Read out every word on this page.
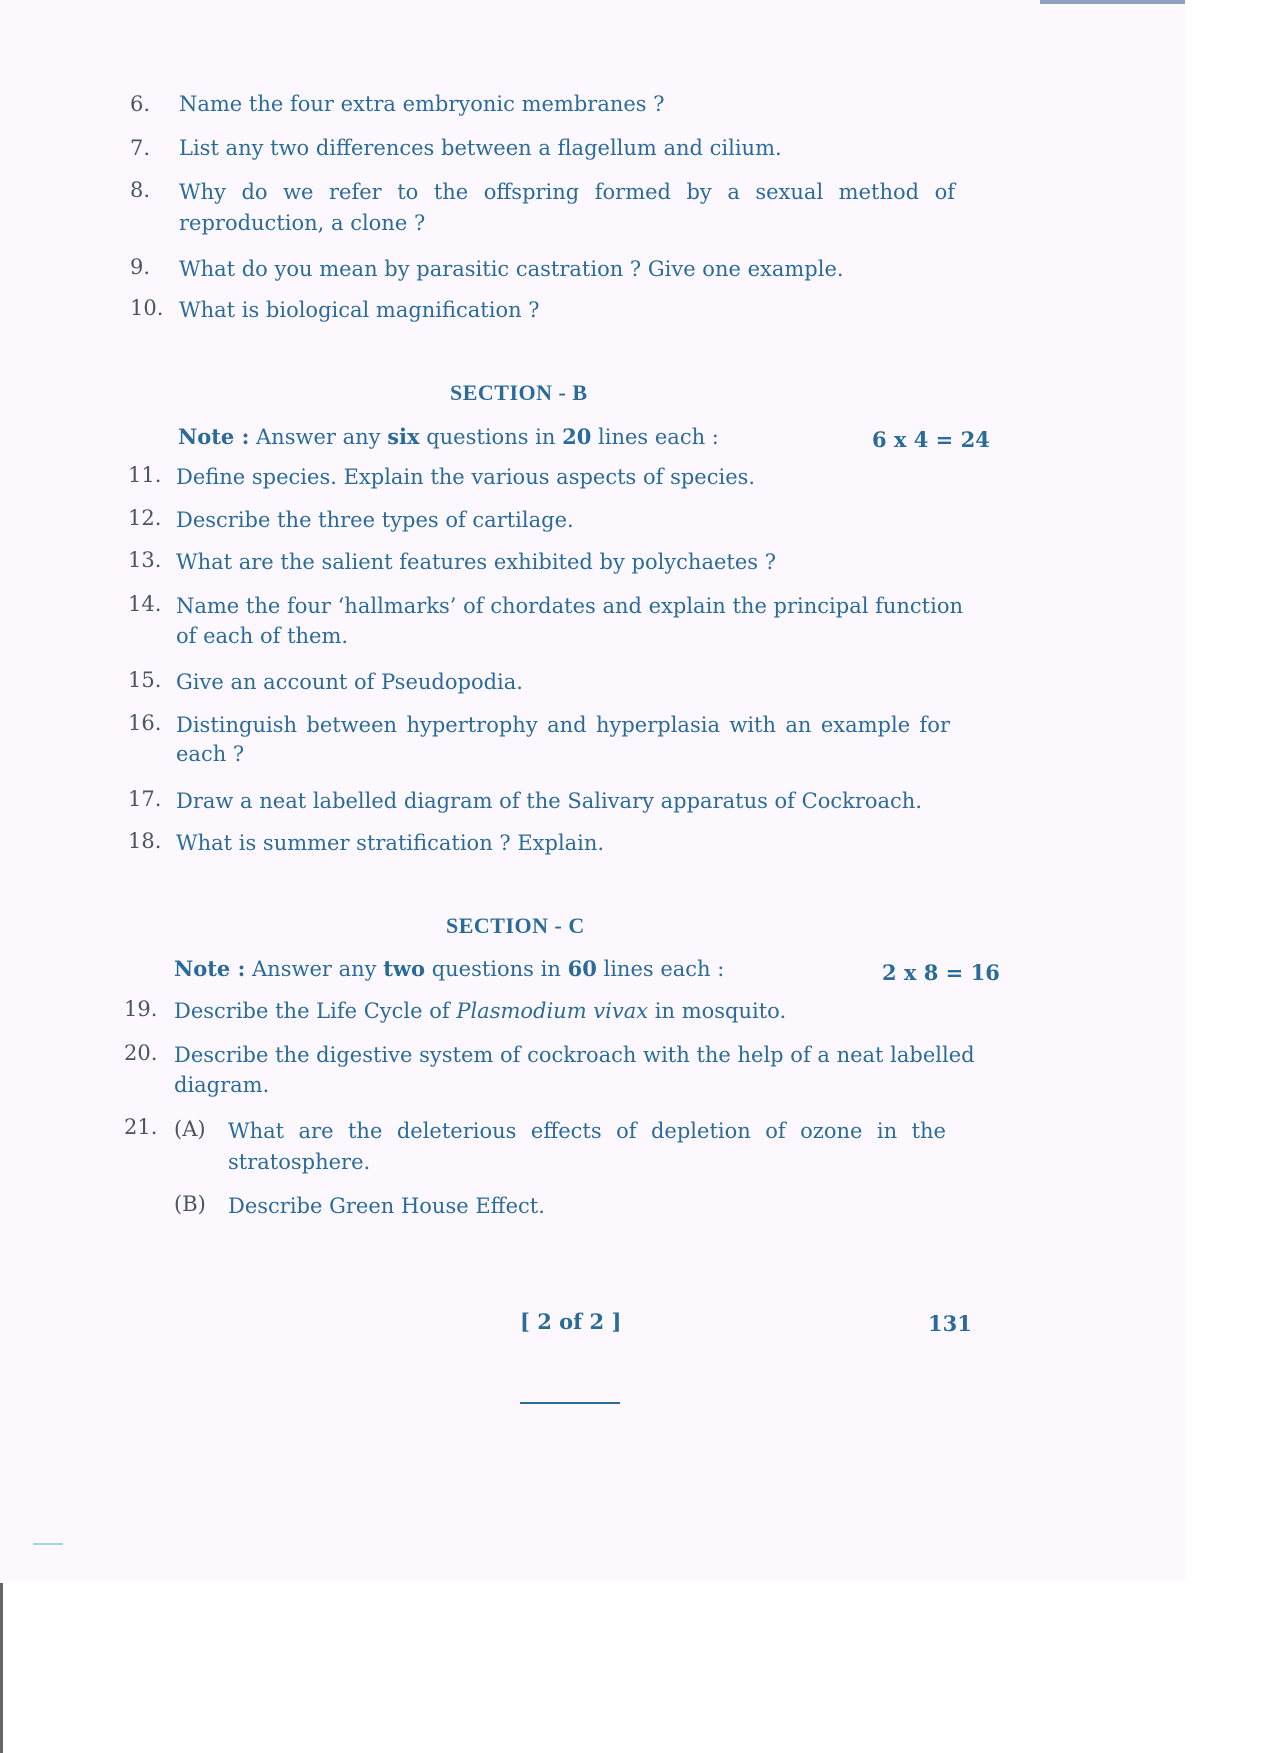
6. Name the four extra embryonic membranes ?
7. List any two differences between a flagellum and cilium.
8. Why do we refer to the offspring formed by a sexual method of
reproduction, a clone ?
9. What do you mean by parasitic castration ? Give one example.
10. What is biological magnification ?
SECTION - B
Note : Answer any six questions in 20 lines each :	6 x 4 = 24
11. Define species. Explain the various aspects of species.
12. Describe the three types of cartilage.
13. What are the salient features exhibited by polychaetes ?
14. Name the four ‘hallmarks’ of chordates and explain the principal function
of each of them.
15. Give an account of Pseudopodia.
16. Distinguish between hypertrophy and hyperplasia with an example for
each ?
17. Draw a neat labelled diagram of the Salivary apparatus of Cockroach.
18. What is summer stratification ? Explain.
SECTION - C
Note : Answer any two questions in 60 lines each :	2 x 8 = 16
19. Describe the Life Cycle of Plasmodium vivax in mosquito.
20. Describe the digestive system of cockroach with the help of a neat labelled
diagram.
21. (A) What are the deleterious effects of depletion of ozone in the
stratosphere.
(B) Describe Green House Effect.
[ 2 of 2 ]	131
